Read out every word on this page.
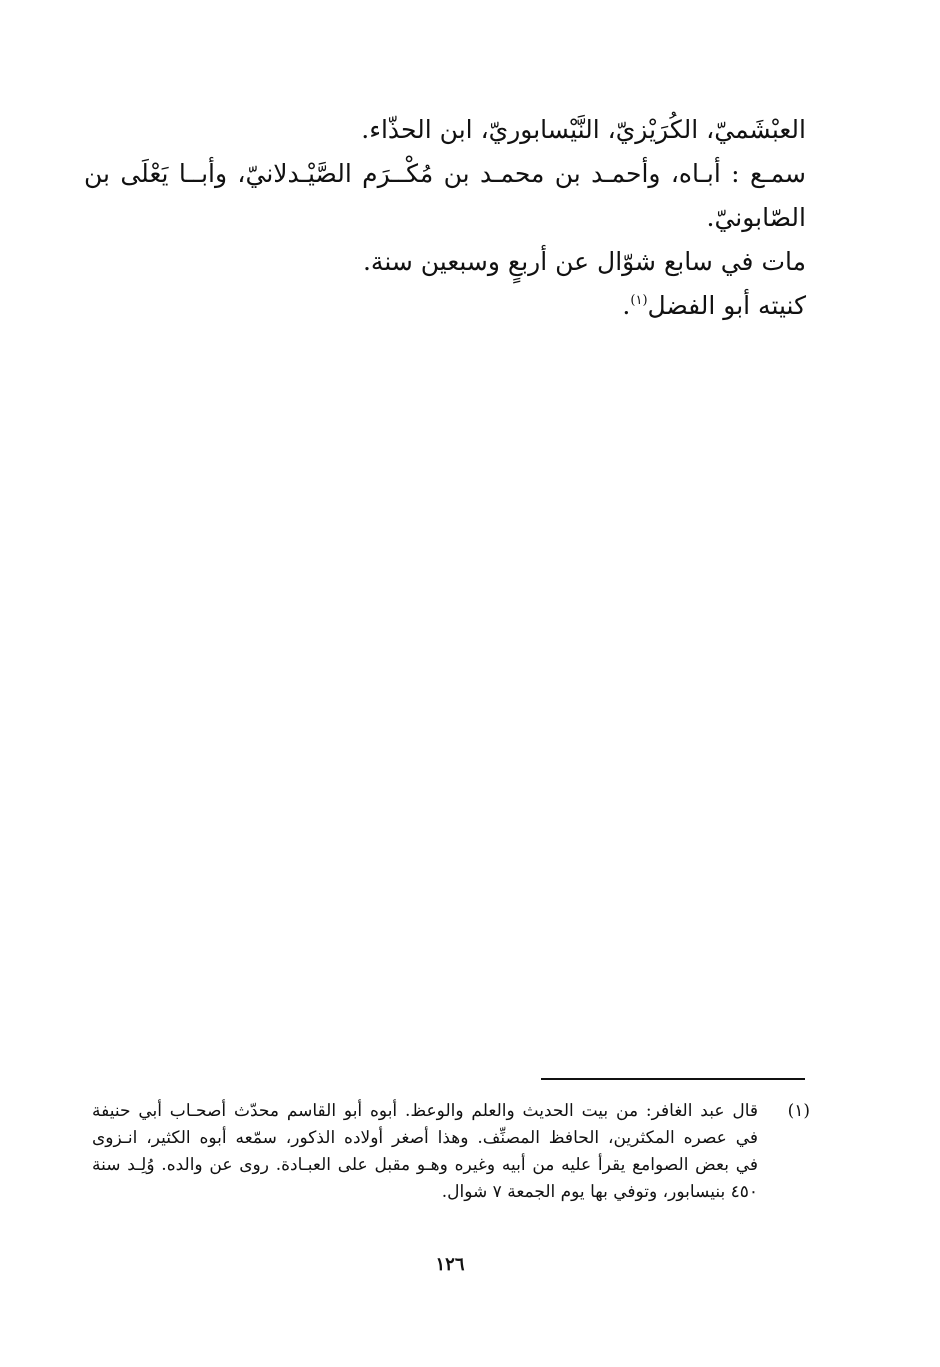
العبْشَميّ، الكُرَيْزيّ، النَّيْسابوريّ، ابن الحذّاء.
سمـع : أبـاه، وأحمـد بن محمـد بن مُكْــرَم الصَّيْـدلانيّ، وأبــا يَعْلَى بن
الصّابونيّ.
مات في سابع شوّال عن أربعٍ وسبعين سنة.
كنيته أبو الفضل$^{(١)}$.
(١)
قال عبد الغافر: من بيت الحديث والعلم والوعظ. أبوه أبو القاسم محدّث أصحـاب أبي حنيفة
في عصره المكثرين، الحافظ المصنِّف. وهذا أصغر أولاده الذكور، سمّعه أبوه الكثير، انـزوى
في بعض الصوامع يقرأ عليه من أبيه وغيره وهـو مقبل على العبـادة. روى عن والده. وُلِـد سنة
٤٥٠ بنيسابور، وتوفي بها يوم الجمعة ٧ شوال.
١٢٦
